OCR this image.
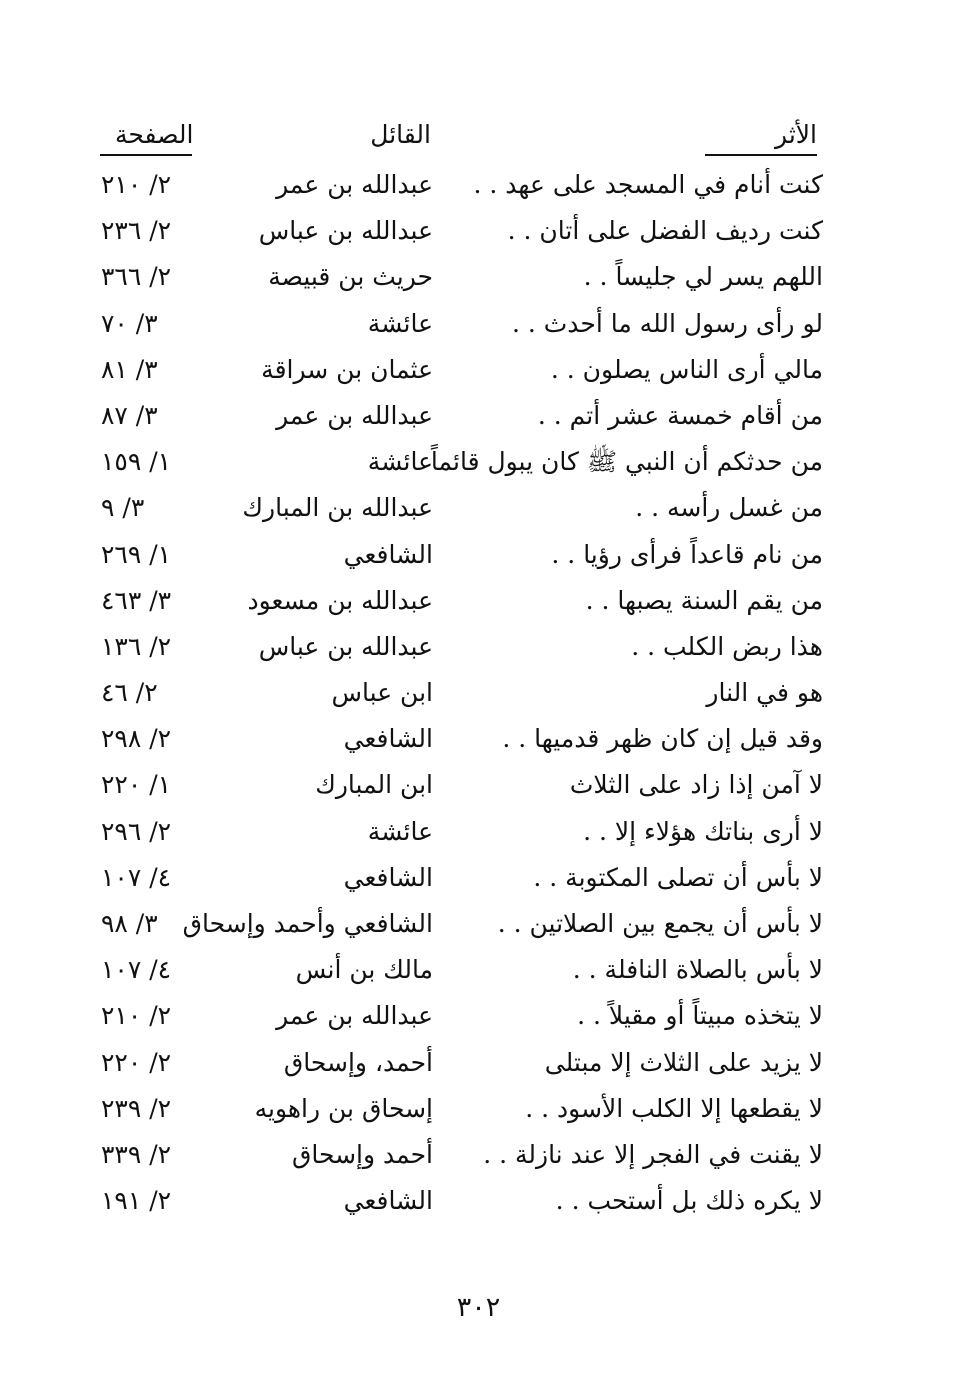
الأثر
القائل
الصفحة
كنت أنام في المسجد على عهد . .
عبدالله بن عمر
٢/ ٢١٠
كنت رديف الفضل على أتان . .
عبدالله بن عباس
٢/ ٢٣٦
اللهم يسر لي جليساً . .
حريث بن قبيصة
٢/ ٣٦٦
لو رأى رسول الله ما أحدث . .
عائشة
٣/ ٧٠
مالي أرى الناس يصلون . .
عثمان بن سراقة
٣/ ٨١
من أقام خمسة عشر أتم . .
عبدالله بن عمر
٣/ ٨٧
من حدثكم أن النبي ﷺ كان يبول قائماً
عائشة
١/ ١٥٩
من غسل رأسه . .
عبدالله بن المبارك
٣/ ٩
من نام قاعداً فرأى رؤيا . .
الشافعي
١/ ٢٦٩
من يقم السنة يصبها . .
عبدالله بن مسعود
٣/ ٤٦٣
هذا ربض الكلب . .
عبدالله بن عباس
٢/ ١٣٦
هو في النار
ابن عباس
٢/ ٤٦
وقد قيل إن كان ظهر قدميها . .
الشافعي
٢/ ٢٩٨
لا آمن إذا زاد على الثلاث
ابن المبارك
١/ ٢٢٠
لا أرى بناتك هؤلاء إلا . .
عائشة
٢/ ٢٩٦
لا بأس أن تصلى المكتوبة . .
الشافعي
٤/ ١٠٧
لا بأس أن يجمع بين الصلاتين . .
الشافعي وأحمد وإسحاق
٣/ ٩٨
لا بأس بالصلاة النافلة . .
مالك بن أنس
٤/ ١٠٧
لا يتخذه مبيتاً أو مقيلاً . .
عبدالله بن عمر
٢/ ٢١٠
لا يزيد على الثلاث إلا مبتلى
أحمد، وإسحاق
٢/ ٢٢٠
لا يقطعها إلا الكلب الأسود . .
إسحاق بن راهويه
٢/ ٢٣٩
لا يقنت في الفجر إلا عند نازلة . .
أحمد وإسحاق
٢/ ٣٣٩
لا يكره ذلك بل أستحب . .
الشافعي
٢/ ١٩١
٣٠٢
